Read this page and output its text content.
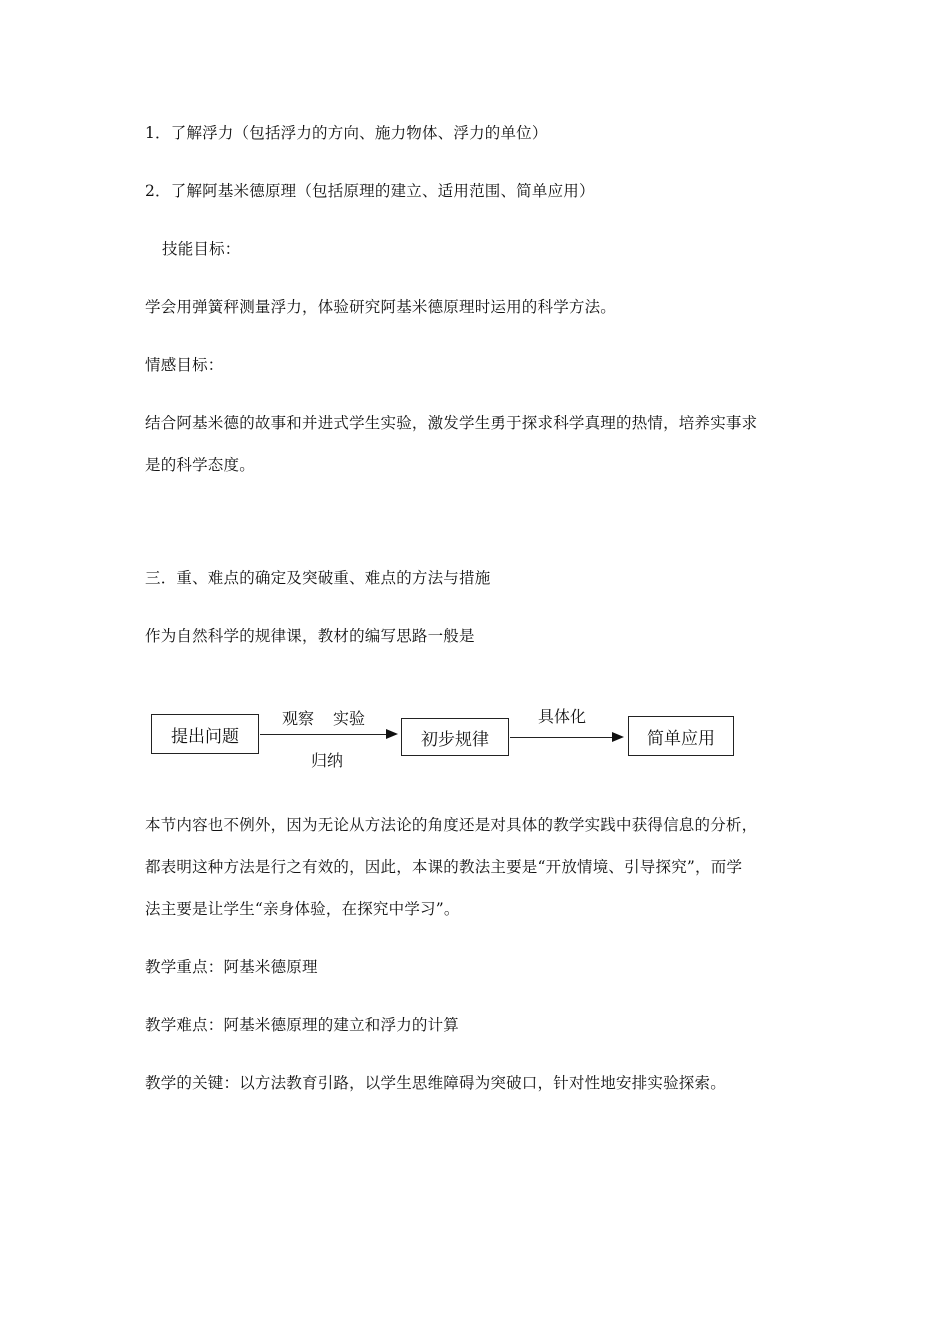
1．了解浮力（包括浮力的方向、施力物体、浮力的单位）
2．了解阿基米德原理（包括原理的建立、适用范围、简单应用）
技能目标：
学会用弹簧秤测量浮力，体验研究阿基米德原理时运用的科学方法。
情感目标：
结合阿基米德的故事和并进式学生实验，激发学生勇于探求科学真理的热情，培养实事求
是的科学态度。
三．重、难点的确定及突破重、难点的方法与措施
作为自然科学的规律课，教材的编写思路一般是
提出问题
观察 实验
归纳
初步规律
具体化
简单应用
本节内容也不例外，因为无论从方法论的角度还是对具体的教学实践中获得信息的分析，
都表明这种方法是行之有效的，因此，本课的教法主要是“开放情境、引导探究”，而学
法主要是让学生“亲身体验，在探究中学习”。
教学重点：阿基米德原理
教学难点：阿基米德原理的建立和浮力的计算
教学的关键：以方法教育引路，以学生思维障碍为突破口，针对性地安排实验探索。
